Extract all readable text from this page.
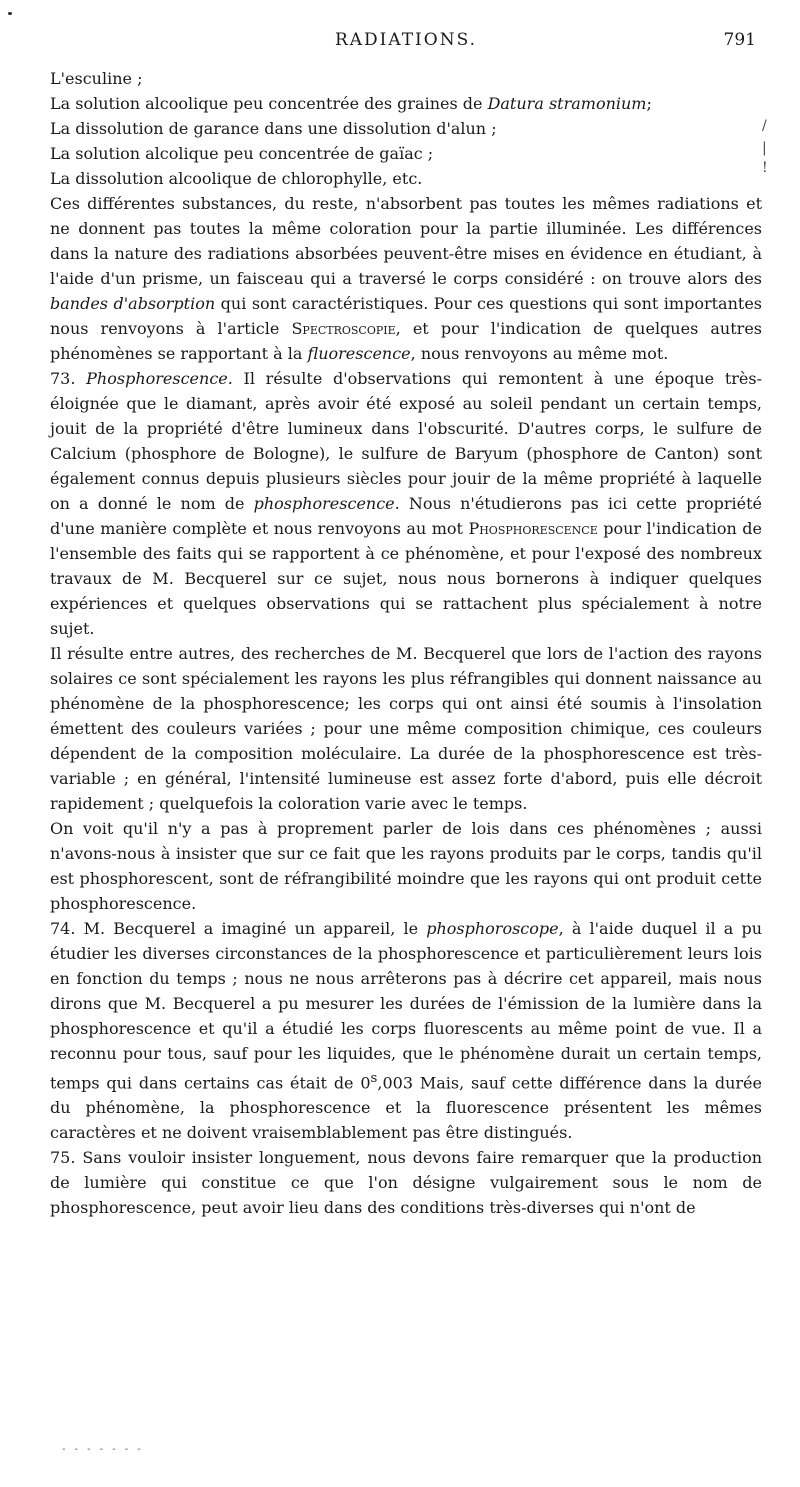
RADIATIONS.	791
/
|
!

L'esculine ;

La solution alcoolique peu concentrée des graines de Datura stramonium;

La dissolution de garance dans une dissolution d'alun ;

La solution alcolique peu concentrée de gaïac ;

La dissolution alcoolique de chlorophylle, etc.

Ces différentes substances, du reste, n'absorbent pas toutes les mêmes radiations et ne donnent pas toutes la même coloration pour la partie illuminée. Les différences dans la nature des radiations absorbées peuvent-être mises en évidence en étudiant, à l'aide d'un prisme, un faisceau qui a traversé le corps considéré : on trouve alors des bandes d'absorption qui sont caractéristiques. Pour ces questions qui sont importantes nous renvoyons à l'article Spectroscopie, et pour l'indication de quelques autres phénomènes se rapportant à la fluorescence, nous renvoyons au même mot.

73. Phosphorescence. Il résulte d'observations qui remontent à une époque très-éloignée que le diamant, après avoir été exposé au soleil pendant un certain temps, jouit de la propriété d'être lumineux dans l'obscurité. D'autres corps, le sulfure de Calcium (phosphore de Bologne), le sulfure de Baryum (phosphore de Canton) sont également connus depuis plusieurs siècles pour jouir de la même propriété à laquelle on a donné le nom de phosphorescence. Nous n'étudierons pas ici cette propriété d'une manière complète et nous renvoyons au mot Phosphorescence pour l'indication de l'ensemble des faits qui se rapportent à ce phénomène, et pour l'exposé des nombreux travaux de M. Becquerel sur ce sujet, nous nous bornerons à indiquer quelques expériences et quelques observations qui se rattachent plus spécialement à notre sujet.

Il résulte entre autres, des recherches de M. Becquerel que lors de l'action des rayons solaires ce sont spécialement les rayons les plus réfrangibles qui donnent naissance au phénomène de la phosphorescence; les corps qui ont ainsi été soumis à l'insolation émettent des couleurs variées ; pour une même composition chimique, ces couleurs dépendent de la composition moléculaire. La durée de la phosphorescence est très-variable ; en général, l'intensité lumineuse est assez forte d'abord, puis elle décroit rapidement ; quelquefois la coloration varie avec le temps.

On voit qu'il n'y a pas à proprement parler de lois dans ces phénomènes ; aussi n'avons-nous à insister que sur ce fait que les rayons produits par le corps, tandis qu'il est phosphorescent, sont de réfrangibilité moindre que les rayons qui ont produit cette phosphorescence.

74. M. Becquerel a imaginé un appareil, le phosphoroscope, à l'aide duquel il a pu étudier les diverses circonstances de la phosphorescence et particulièrement leurs lois en fonction du temps ; nous ne nous arrêterons pas à décrire cet appareil, mais nous dirons que M. Becquerel a pu mesurer les durées de l'émission de la lumière dans la phosphorescence et qu'il a étudié les corps fluorescents au même point de vue. Il a reconnu pour tous, sauf pour les liquides, que le phénomène durait un certain temps, temps qui dans certains cas était de 0$^s$,003 Mais, sauf cette différence dans la durée du phénomène, la phosphorescence et la fluorescence présentent les mêmes caractères et ne doivent vraisemblablement pas être distingués.

75. Sans vouloir insister longuement, nous devons faire remarquer que la production de lumière qui constitue ce que l'on désigne vulgairement sous le nom de phosphorescence, peut avoir lieu dans des conditions très-diverses qui n'ont de

- - - - - - -
